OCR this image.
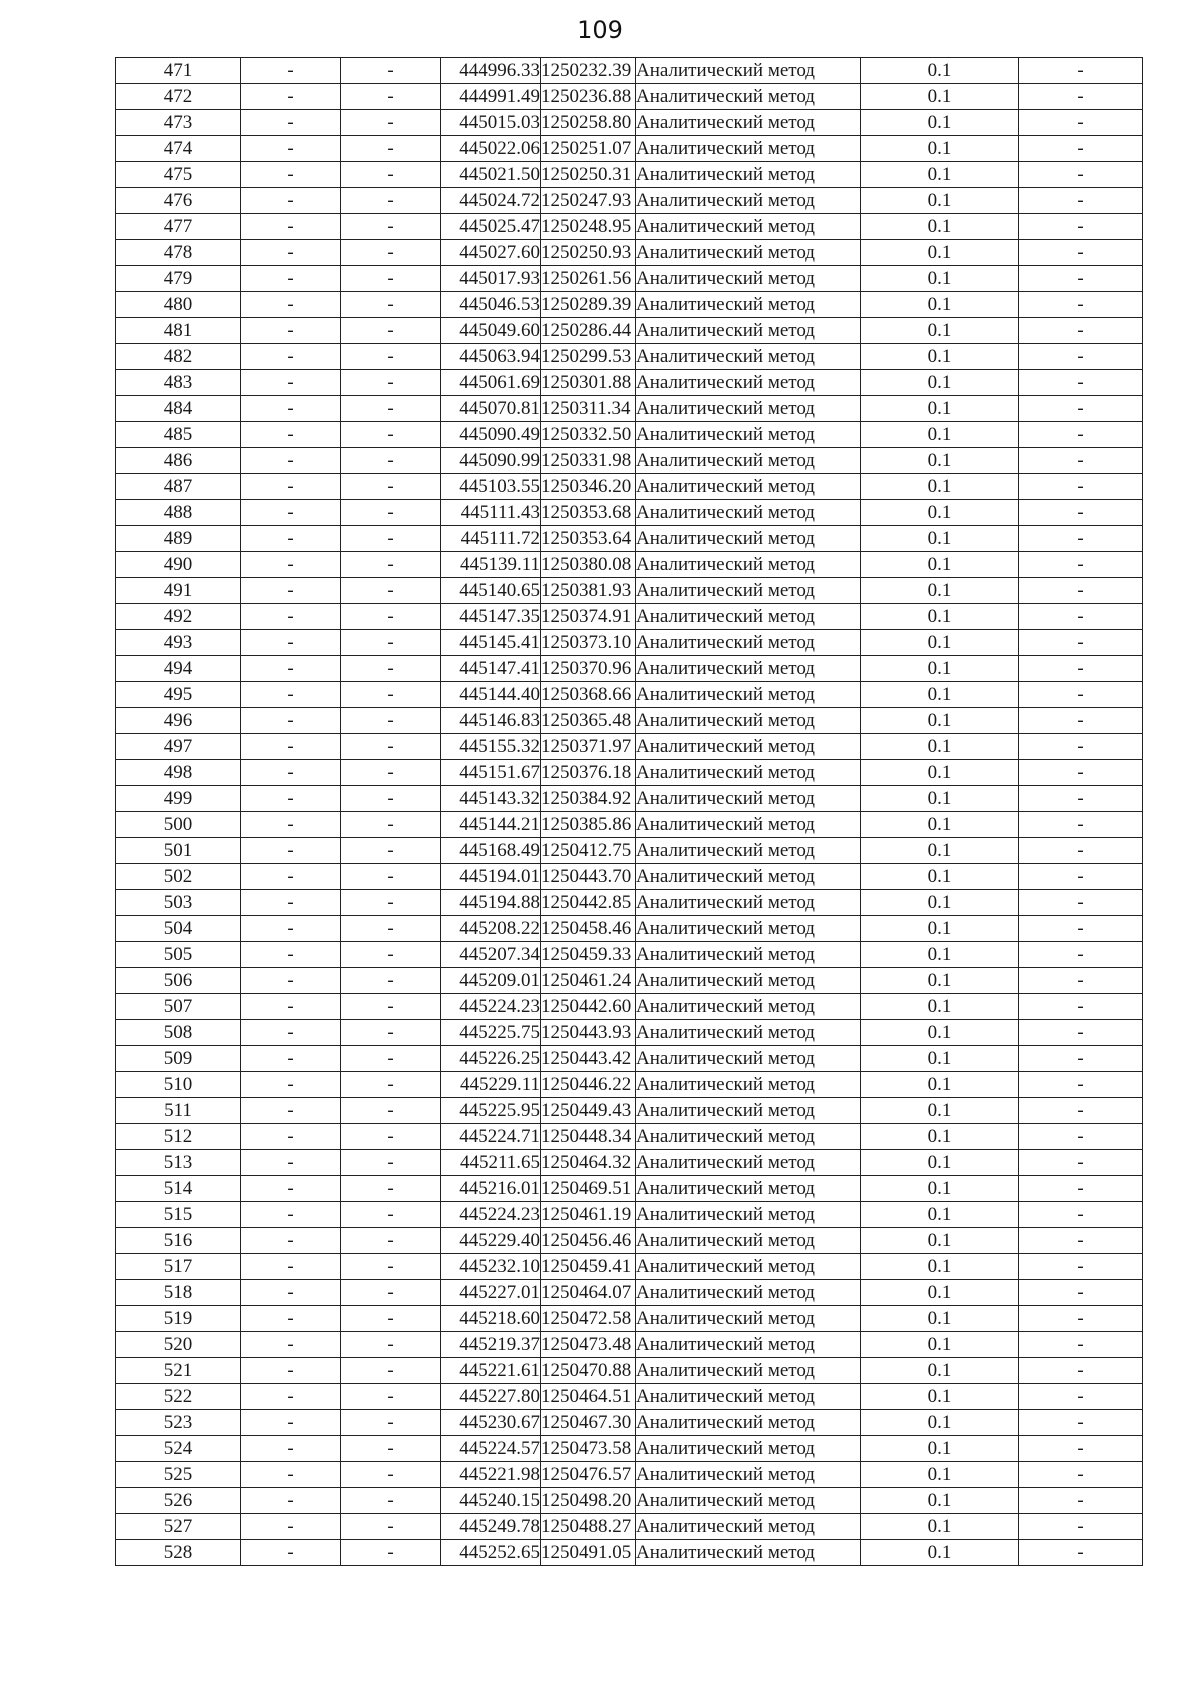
109
471	-	-	444996.33	1250232.39	Аналитический метод	0.1	-
472	-	-	444991.49	1250236.88	Аналитический метод	0.1	-
473	-	-	445015.03	1250258.80	Аналитический метод	0.1	-
474	-	-	445022.06	1250251.07	Аналитический метод	0.1	-
475	-	-	445021.50	1250250.31	Аналитический метод	0.1	-
476	-	-	445024.72	1250247.93	Аналитический метод	0.1	-
477	-	-	445025.47	1250248.95	Аналитический метод	0.1	-
478	-	-	445027.60	1250250.93	Аналитический метод	0.1	-
479	-	-	445017.93	1250261.56	Аналитический метод	0.1	-
480	-	-	445046.53	1250289.39	Аналитический метод	0.1	-
481	-	-	445049.60	1250286.44	Аналитический метод	0.1	-
482	-	-	445063.94	1250299.53	Аналитический метод	0.1	-
483	-	-	445061.69	1250301.88	Аналитический метод	0.1	-
484	-	-	445070.81	1250311.34	Аналитический метод	0.1	-
485	-	-	445090.49	1250332.50	Аналитический метод	0.1	-
486	-	-	445090.99	1250331.98	Аналитический метод	0.1	-
487	-	-	445103.55	1250346.20	Аналитический метод	0.1	-
488	-	-	445111.43	1250353.68	Аналитический метод	0.1	-
489	-	-	445111.72	1250353.64	Аналитический метод	0.1	-
490	-	-	445139.11	1250380.08	Аналитический метод	0.1	-
491	-	-	445140.65	1250381.93	Аналитический метод	0.1	-
492	-	-	445147.35	1250374.91	Аналитический метод	0.1	-
493	-	-	445145.41	1250373.10	Аналитический метод	0.1	-
494	-	-	445147.41	1250370.96	Аналитический метод	0.1	-
495	-	-	445144.40	1250368.66	Аналитический метод	0.1	-
496	-	-	445146.83	1250365.48	Аналитический метод	0.1	-
497	-	-	445155.32	1250371.97	Аналитический метод	0.1	-
498	-	-	445151.67	1250376.18	Аналитический метод	0.1	-
499	-	-	445143.32	1250384.92	Аналитический метод	0.1	-
500	-	-	445144.21	1250385.86	Аналитический метод	0.1	-
501	-	-	445168.49	1250412.75	Аналитический метод	0.1	-
502	-	-	445194.01	1250443.70	Аналитический метод	0.1	-
503	-	-	445194.88	1250442.85	Аналитический метод	0.1	-
504	-	-	445208.22	1250458.46	Аналитический метод	0.1	-
505	-	-	445207.34	1250459.33	Аналитический метод	0.1	-
506	-	-	445209.01	1250461.24	Аналитический метод	0.1	-
507	-	-	445224.23	1250442.60	Аналитический метод	0.1	-
508	-	-	445225.75	1250443.93	Аналитический метод	0.1	-
509	-	-	445226.25	1250443.42	Аналитический метод	0.1	-
510	-	-	445229.11	1250446.22	Аналитический метод	0.1	-
511	-	-	445225.95	1250449.43	Аналитический метод	0.1	-
512	-	-	445224.71	1250448.34	Аналитический метод	0.1	-
513	-	-	445211.65	1250464.32	Аналитический метод	0.1	-
514	-	-	445216.01	1250469.51	Аналитический метод	0.1	-
515	-	-	445224.23	1250461.19	Аналитический метод	0.1	-
516	-	-	445229.40	1250456.46	Аналитический метод	0.1	-
517	-	-	445232.10	1250459.41	Аналитический метод	0.1	-
518	-	-	445227.01	1250464.07	Аналитический метод	0.1	-
519	-	-	445218.60	1250472.58	Аналитический метод	0.1	-
520	-	-	445219.37	1250473.48	Аналитический метод	0.1	-
521	-	-	445221.61	1250470.88	Аналитический метод	0.1	-
522	-	-	445227.80	1250464.51	Аналитический метод	0.1	-
523	-	-	445230.67	1250467.30	Аналитический метод	0.1	-
524	-	-	445224.57	1250473.58	Аналитический метод	0.1	-
525	-	-	445221.98	1250476.57	Аналитический метод	0.1	-
526	-	-	445240.15	1250498.20	Аналитический метод	0.1	-
527	-	-	445249.78	1250488.27	Аналитический метод	0.1	-
528	-	-	445252.65	1250491.05	Аналитический метод	0.1	-
